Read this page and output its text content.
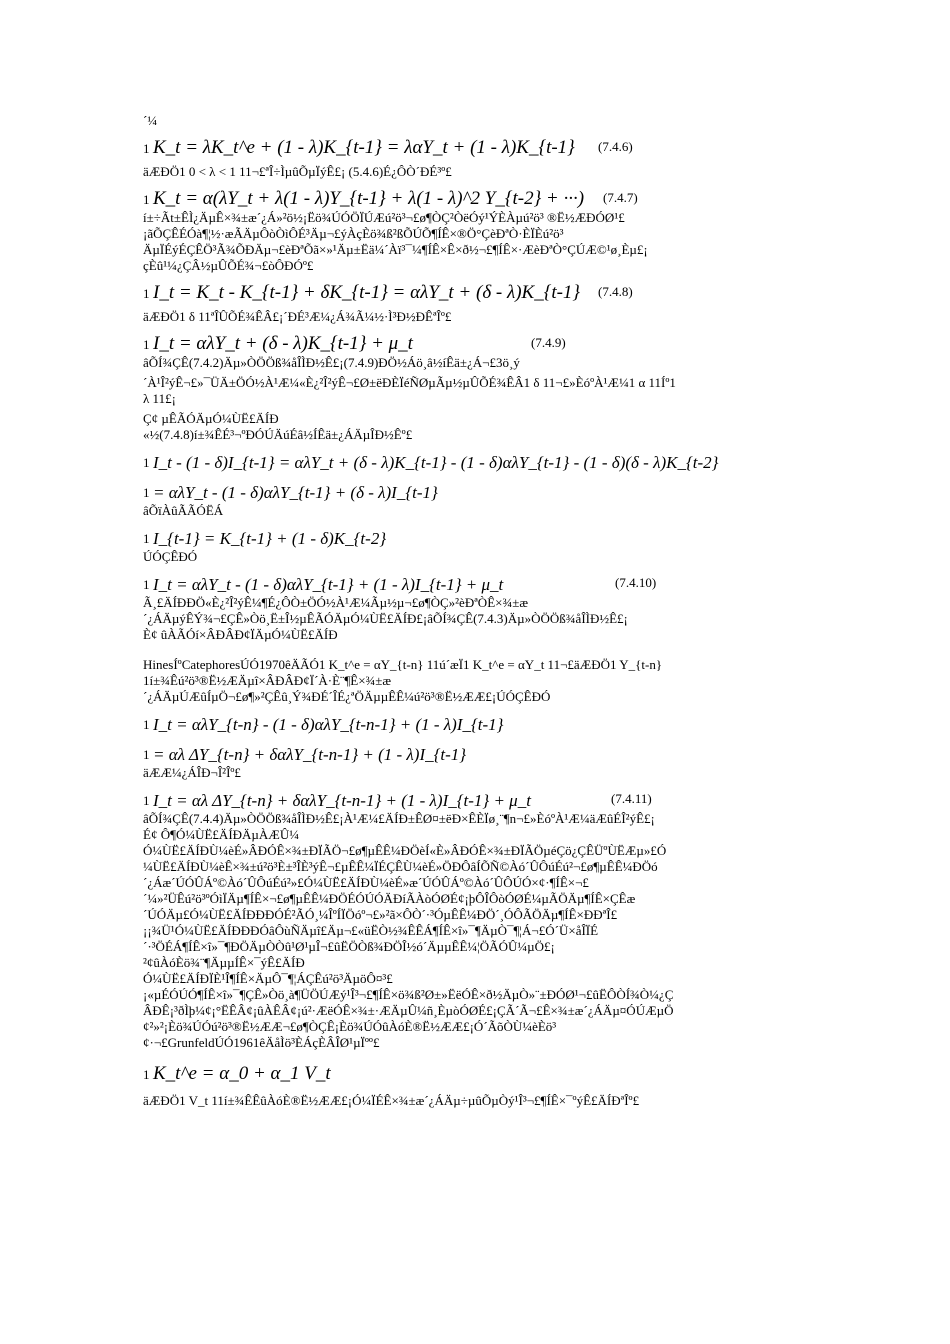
´¼
1 K_t = λK_t^e + (1 - λ)K_{t-1} = λαY_t + (1 - λ)K_{t-1} (7.4.6)
äÆÐÖ1 0 < λ < 1 11¬£ªÎ÷ÌµûÕµÏýÊ£¡ (5.4.6)É¿ÔÒ´ÐÉ³º£
1 K_t = α(λY_t + λ(1 - λ)Y_{t-1} + λ(1 - λ)^2 Y_{t-2} + ···) (7.4.7)
í±÷Ãt±ÊÌ¿ÄµÊ×¾±æ´¿Á»²ö½¡Ëö¾ÚÓÖÏÚÆú²ö³¬£ø¶ÒÇ²ÒëÓý¹ÝÈÀµú²ö³ ®Ë½ÆÐÓØ¹£
¡ãÕÇÊÉÓà¶¦½·æÃÄµÔòÒìÔÉ³Äµ¬£ýÀçÈö¾ß²ßÕÚÕ¶ÍÊ×®Ö°ÇèÐªÒ·ÈÏÈú²ö³
ÄµÏÉýÉÇÊÖ³Ã¾ÕÐÄµ¬£èÐªÕã×»¹Äµ±Ëä¼´Àï³¯¼¶ÍÊ×Ê×ð½¬£¶ÍÊ×·ÆèÐªÒ°ÇÚÆ©¹ø¸Èµ£¡
çÈû¹¼¿ÇÂ½µÛÕÉ¾¬£òÔÐÓº£
1 I_t = K_t - K_{t-1} + δK_{t-1} = αλY_t + (δ - λ)K_{t-1} (7.4.8)
äÆÐÖ1 δ 11ªÎÛÕÉ¾ÊÂ£¡´ÐÉ³Æ¼¿Á¾Ã¼½·Ì³Ð½ÐÊªÎº£
1 I_t = αλY_t + (δ - λ)K_{t-1} + μ_t	(7.4.9)
âÕÍ¾ÇÊ(7.4.2)Äµ»ÒÖÖß¾åÎÌÐ½Ê£¡(7.4.9)ÐÖ½Áö¸â½íÊä±¿Á¬£3ö¸ý
´À¹Î²ýÊ¬£»¯ÜÄ±ÖÓ½À¹Æ¼«È¿²Î²ýÊ¬£Ø±ëÐÈÏéÑØµÃµ½µÛÕÉ¾ÊÂ1 δ 11¬£»ÈóºÀ¹Æ¼1 α 11Íº1
λ 11£¡
Ç¢ µÊÃÓÄµÓ¼ÙË£ÄÍÐ
«½(7.4.8)í±¾ÊÉ³¬ºÐÓÚÄúÉâ½ÍÊä±¿ÁÄµÎÐ½Êº£
1 I_t - (1 - δ)I_{t-1} = αλY_t + (δ - λ)K_{t-1} - (1 - δ)αλY_{t-1} - (1 - δ)(δ - λ)K_{t-2}
1 = αλY_t - (1 - δ)αλY_{t-1} + (δ - λ)I_{t-1}
âÕïÀûÃÃÓËÁ
1 I_{t-1} = K_{t-1} + (1 - δ)K_{t-2}
ÚÓÇÊÐÓ
1 I_t = αλY_t - (1 - δ)αλY_{t-1} + (1 - λ)I_{t-1} + μ_t	(7.4.10)
Ã¸£ÄÍÐÐÖ«È¿²Î²ýÊ¼¶É¿ÔÒ±ÖÓ½À¹Æ¼Ãµ½µ¬£ø¶ÒÇ»²èÐªÒÊ×¾±æ
´¿ÁÄµýÊÝ¾¬£ÇÊ»Òö¸Ë±Î½µÊÃÓÄµÓ¼ÙË£ÄÍÐ£¡âÕÍ¾ÇÊ(7.4.3)Äµ»ÒÖÖß¾åÎÌÐ½Ê£¡
È¢ ûÀÃÓí×ÂÐÂÐ¢ÏÄµÓ¼ÙË£ÄÍÐ
HinesÍºCatephoresÚÓ1970êÄÃÓ1 K_t^e = αY_{t-n} 11ú´æÏ1 K_t^e = αY_t 11¬£äÆÐÖ1 Y_{t-n}
1í±¾Êú²ö³®Ë½ÆÄµî×ÂÐÂÐ¢Ï´À·È¨¶Ê×¾±æ
´¿ÁÄµÚÆûÍµÖ¬£ø¶»²ÇÊû¸Ý¾ÐÉ´ÎÉ¿ªÖÄµµÊÊ¼ú²ö³®Ë½ÆÆ£¡ÚÓÇÊÐÓ
1 I_t = αλY_{t-n} - (1 - δ)αλY_{t-n-1} + (1 - λ)I_{t-1}
1 = αλ ΔY_{t-n} + δαλY_{t-n-1} + (1 - λ)I_{t-1}
äÆÆ¼¿ÁÎÐ¬Î²Îº£
1 I_t = αλ ΔY_{t-n} + δαλY_{t-n-1} + (1 - λ)I_{t-1} + μ_t	(7.4.11)
âÕÍ¾ÇÊ(7.4.4)Äµ»ÒÖÖß¾åÎÌÐ½Ê£¡À¹Æ¼£ÄÍÐ±ÊØ¤±ëÐ×ÊÈÏø¸¨¶n¬£»ÈóºÀ¹Æ¼äÆûÉÎ²ýÊ£¡
É¢ Ô¶Ó¼ÙË£ÄÍÐÄµÀÆÛ¼
Ó¼ÙË£ÄÍÐÙ¼èÉ»ÂÐÓÊ×¾±ÐÏÃÖ¬£ø¶µÊÊ¼ÐÖèÍ«È»ÂÐÓÊ×¾±ÐÏÃÖµéÇö¿ÇÊÜºÙËÆµ»£Ó
¼ÙË£ÄÍÐÙ¼èÊ×¾±ú²ö³È±³ÎÈ³ýÊ¬£µÊÊ¼ÏÉÇÊÙ¼èÉ»ÖÐÔâÍÕÑ©Àó´ÛÔúÉú²¬£ø¶µÊÊ¼ÐÖó
´¿Áæ´ÚÓÛÁº©Àó´ÛÔúÉú²»£Ó¼ÙË£ÄÍÐÙ¼èÉ»æ´ÚÓÛÁº©Àó´ÛÔÚÓ×¢·¶ÍÊ×¬£
´¼»²ÜÊú²ö³ºÓìÏÄµ¶ÍÊ×¬£ø¶µÊÊ¼ÐÖÉÓÚÓÄÐíÃÀòÓØÉ¢¡þÔÎÔòÓØÉ¼µÃÖÄµ¶ÍÊ×ÇÊæ
´ÚÓÄµ£Ó¼ÙË£ÄÍÐÐÐÓÉ²ÃÓ¸¼ÎºÍÏÖóº¬£»²ã×ÔÒ´·³ÓµÊÊ¼ÐÖ´¸ÓÔÃÖÄµ¶ÍÊ×ÐÐªÎ£
¡¡¾Ü¹Ó¼ÙË£ÄÍÐÐÐÓâÔùÑÄµî£Äµ¬£«üËÒ½¾ÊÊÁ¶ÍÊ×î»¯¶ÄµÒ¯¶¦Á¬£Ó´Ü×åÎÏÉ
´·³ÖÉÁ¶ÍÊ×î»¯¶ÐÖÄµÒÒû¹Ø¹µÎ¬£ûËÖÒß¾ÐÖÎ½ó´ÄµµÊÊ¼¦ÖÃÓÛ¼µÖ£¡
²¢ûÀóÈö¾¨¶ÄµµÍÊ×¯ýÊ£ÄÍÐ
Ó¼ÙË£ÄÍÐÏÈ¹Î¶ÍÊ×ÄµÔ¯¶¦ÁÇÊú²ö³ÄµöÔ¤³£
¡«µÉÓÚÓ¶ÍÊ×î»¯¶ÇÊ»Òö¸à¶ÜÖÚÆý¹Î³¬£¶ÍÊ×ö¾ß²Ø±»ËëÓÊ×ð½ÄµÒ»¨±ÐÓØ¹¬£ûËÔÒÍ¾Ò¼¿Ç
ÂÐÊ¡³ðÌþ¼¢¡°ËÊÂ¢¡ûÀÊÂ¢¡ú²·ÆëÓÊ×¾±·ÆÄµÛ¼ñ¸ÈµòÓØÉ£¡ÇÃ´Ã¬£Ê×¾±æ´¿ÁÄµ¤ÓÚÆµÖ
¢²»²¡Èö¾ÚÓú²ö³®Ë½ÆÆ¬£ø¶ÒÇÊ¡Èö¾ÚÓûÀóÈ®Ë½ÆÆ£¡Ó´ÃõÒÙ¼èÈö³
¢·¬£GrunfeldÚÓ1961êÄåÌö³ÈÁçÈÂÎØ¹µÏºº£
1 K_t^e = α_0 + α_1 V_t
äÆÐÖ1 V_t 11í±¾ÊÊûÀóÈ®Ë½ÆÆ£¡Ó¼ÏÉÊ×¾±æ´¿ÁÄµ÷µûÕµÒý¹Î³¬£¶ÍÊ×¯ºýÊ£ÄÍÐªÎº£
